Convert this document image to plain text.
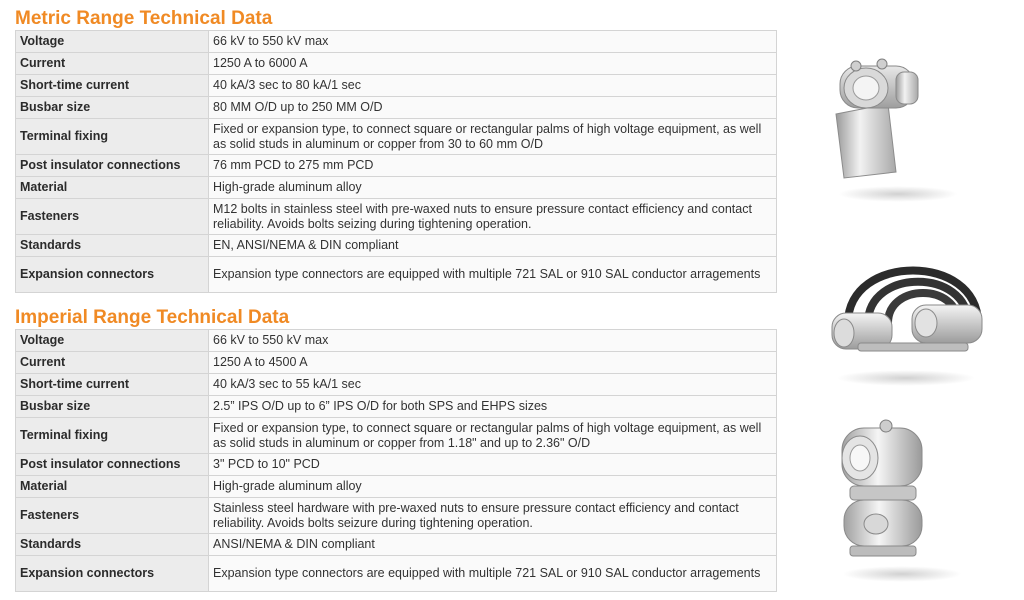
Metric Range Technical Data
Voltage	66 kV to 550 kV max
Current	1250 A to 6000 A
Short-time current	40 kA/3 sec to 80 kA/1 sec
Busbar size	80 MM O/D up to 250 MM O/D
Terminal fixing	Fixed or expansion type, to connect square or rectangular palms of high voltage equipment, as well as solid studs in aluminum or copper from 30 to 60 mm O/D
Post insulator connections	76 mm PCD to 275 mm PCD
Material	High-grade aluminum alloy
Fasteners	M12 bolts in stainless steel with pre-waxed nuts to ensure pressure contact efficiency and contact reliability. Avoids bolts seizing during tightening operation.
Standards	EN, ANSI/NEMA & DIN compliant
Expansion connectors	Expansion type connectors are equipped with multiple 721 SAL or 910 SAL conductor arragements
Imperial Range Technical Data
Voltage	66 kV to 550 kV max
Current	1250 A to 4500 A
Short-time current	40 kA/3 sec to 55 kA/1 sec
Busbar size	2.5” IPS O/D up to 6” IPS O/D for both SPS and EHPS sizes
Terminal fixing	Fixed or expansion type, to connect square or rectangular palms of high voltage equipment, as well as solid studs in aluminum or copper from 1.18" and up to 2.36" O/D
Post insulator connections	3" PCD to 10" PCD
Material	High-grade aluminum alloy
Fasteners	Stainless steel hardware with pre-waxed nuts to ensure pressure contact efficiency and contact reliability. Avoids bolts seizure during tightening operation.
Standards	ANSI/NEMA & DIN compliant
Expansion connectors	Expansion type connectors are equipped with multiple 721 SAL or 910 SAL conductor arragements
